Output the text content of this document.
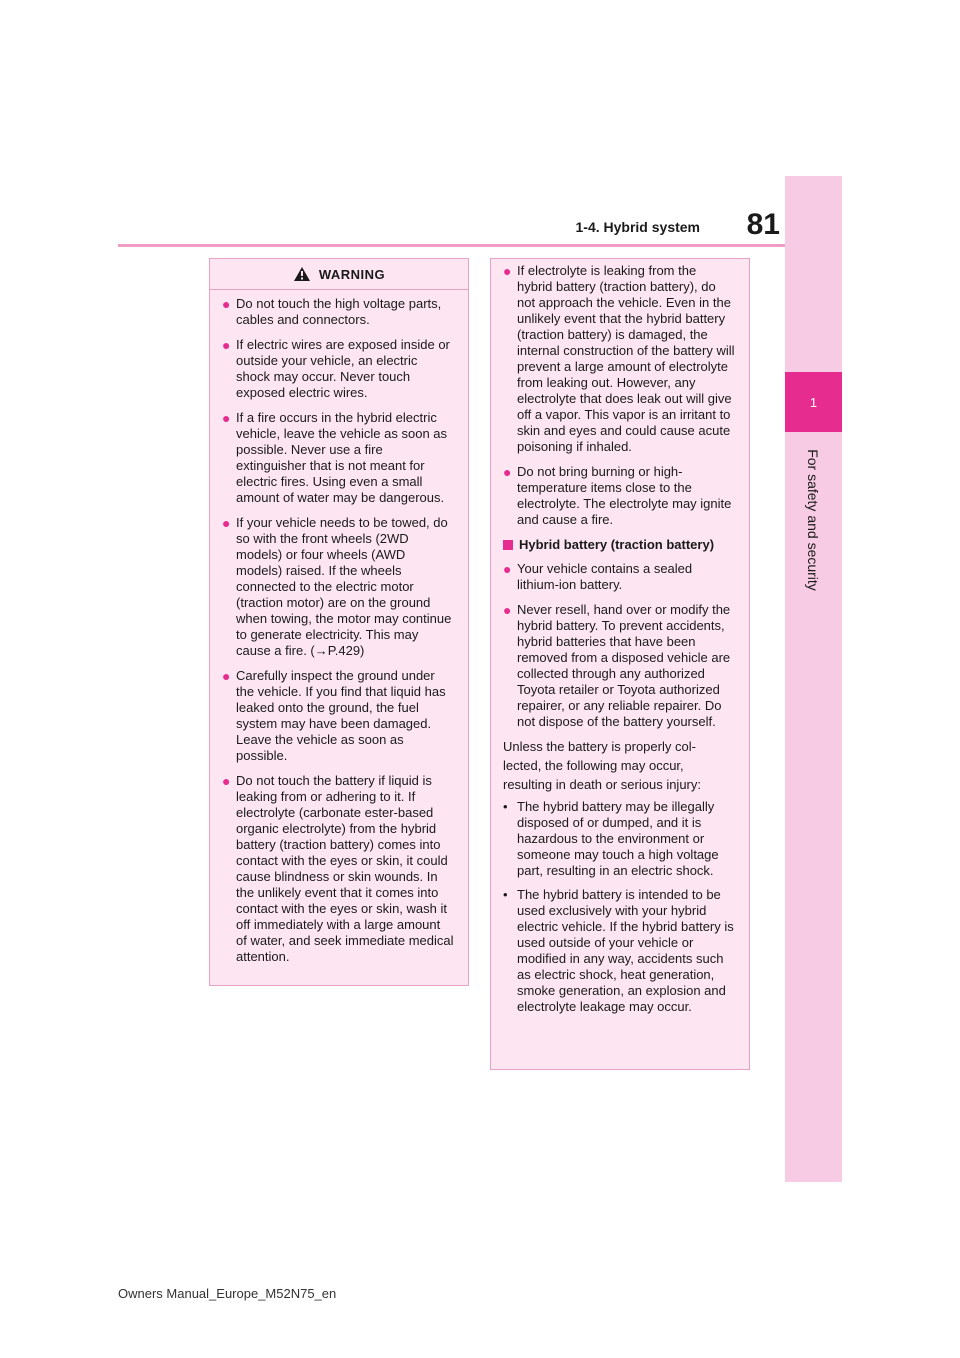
81
1-4. Hybrid system
1
For safety and security
WARNING
● Do not touch the high voltage parts, cables and connectors.
● If electric wires are exposed inside or outside your vehicle, an electric shock may occur. Never touch exposed electric wires.
● If a fire occurs in the hybrid electric vehicle, leave the vehicle as soon as possible. Never use a fire extinguisher that is not meant for electric fires. Using even a small amount of water may be dangerous.
● If your vehicle needs to be towed, do so with the front wheels (2WD models) or four wheels (AWD models) raised. If the wheels connected to the electric motor (traction motor) are on the ground when towing, the motor may continue to generate electricity. This may cause a fire. (→P.429)
● Carefully inspect the ground under the vehicle. If you find that liquid has leaked onto the ground, the fuel system may have been damaged. Leave the vehicle as soon as possible.
● Do not touch the battery if liquid is leaking from or adhering to it. If electrolyte (carbonate ester-based organic electrolyte) from the hybrid battery (traction battery) comes into contact with the eyes or skin, it could cause blindness or skin wounds. In the unlikely event that it comes into contact with the eyes or skin, wash it off immediately with a large amount of water, and seek immediate medical attention.
● If electrolyte is leaking from the hybrid battery (traction battery), do not approach the vehicle. Even in the unlikely event that the hybrid battery (traction battery) is damaged, the internal construction of the battery will prevent a large amount of electrolyte from leaking out. However, any electrolyte that does leak out will give off a vapor. This vapor is an irritant to skin and eyes and could cause acute poisoning if inhaled.
● Do not bring burning or high-temperature items close to the electrolyte. The electrolyte may ignite and cause a fire.
Hybrid battery (traction battery)
● Your vehicle contains a sealed lithium-ion battery.
● Never resell, hand over or modify the hybrid battery. To prevent accidents, hybrid batteries that have been removed from a disposed vehicle are collected through any authorized Toyota retailer or Toyota authorized repairer, or any reliable repairer. Do not dispose of the battery yourself.
Unless the battery is properly col-
lected, the following may occur,
resulting in death or serious injury:
• The hybrid battery may be illegally disposed of or dumped, and it is hazardous to the environment or someone may touch a high voltage part, resulting in an electric shock.
• The hybrid battery is intended to be used exclusively with your hybrid electric vehicle. If the hybrid battery is used outside of your vehicle or modified in any way, accidents such as electric shock, heat generation, smoke generation, an explosion and electrolyte leakage may occur.
Owners Manual_Europe_M52N75_en
